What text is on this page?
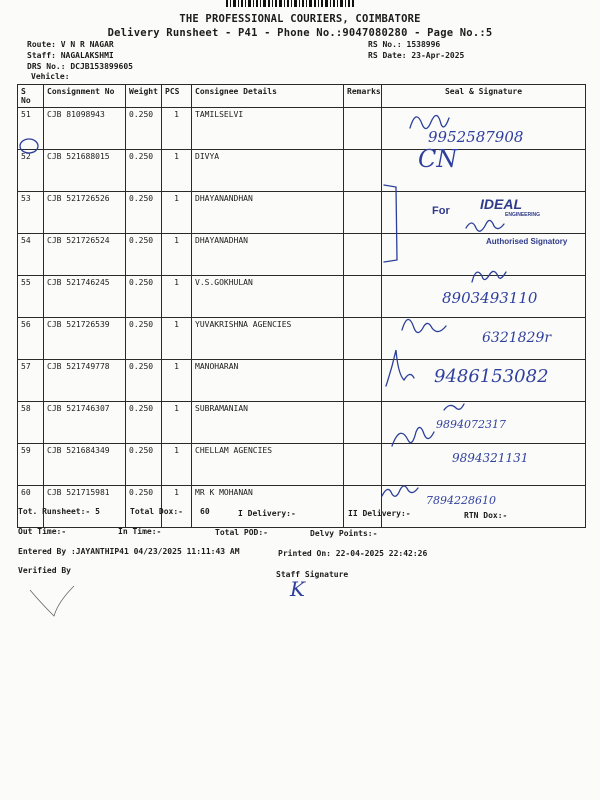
THE PROFESSIONAL COURIERS, COIMBATORE
Delivery Runsheet - P41 - Phone No.:9047080280 - Page No.:5
Route: V N R NAGAR
Staff: NAGALAKSHMI
DRS No.: DCJB153899605
Vehicle:
RS No.: 1538996
RS Date: 23-Apr-2025
S No	Consignment No	Weight	PCS	Consignee Details	Remarks	Seal & Signature
51	CJB 81098943	0.250	1	TAMILSELVI		
52	CJB 521688015	0.250	1	DIVYA		
53	CJB 521726526	0.250	1	DHAYANANDHAN		
54	CJB 521726524	0.250	1	DHAYANADHAN		
55	CJB 521746245	0.250	1	V.S.GOKHULAN		
56	CJB 521726539	0.250	1	YUVAKRISHNA AGENCIES		
57	CJB 521749778	0.250	1	MANOHARAN		
58	CJB 521746307	0.250	1	SUBRAMANIAN		
59	CJB 521684349	0.250	1	CHELLAM AGENCIES		
60	CJB 521715981	0.250	1	MR K MOHANAN		
9952587908
CN
For IDEAL
ENGINEERING
Authorised Signatory
8903493110
6321829r
9486153082
9894072317
9894321131
7894228610
K
Tot. Runsheet:- 5	Total Dox:- 60	I Delivery:-	II Delivery:-	RTN Dox:-
Out Time:-	In Time:-	Total POD:-	Delvy Points:-
Entered By :JAYANTHIP41 04/23/2025 11:11:43 AM	Printed On: 22-04-2025 22:42:26
Verified By	Staff Signature
